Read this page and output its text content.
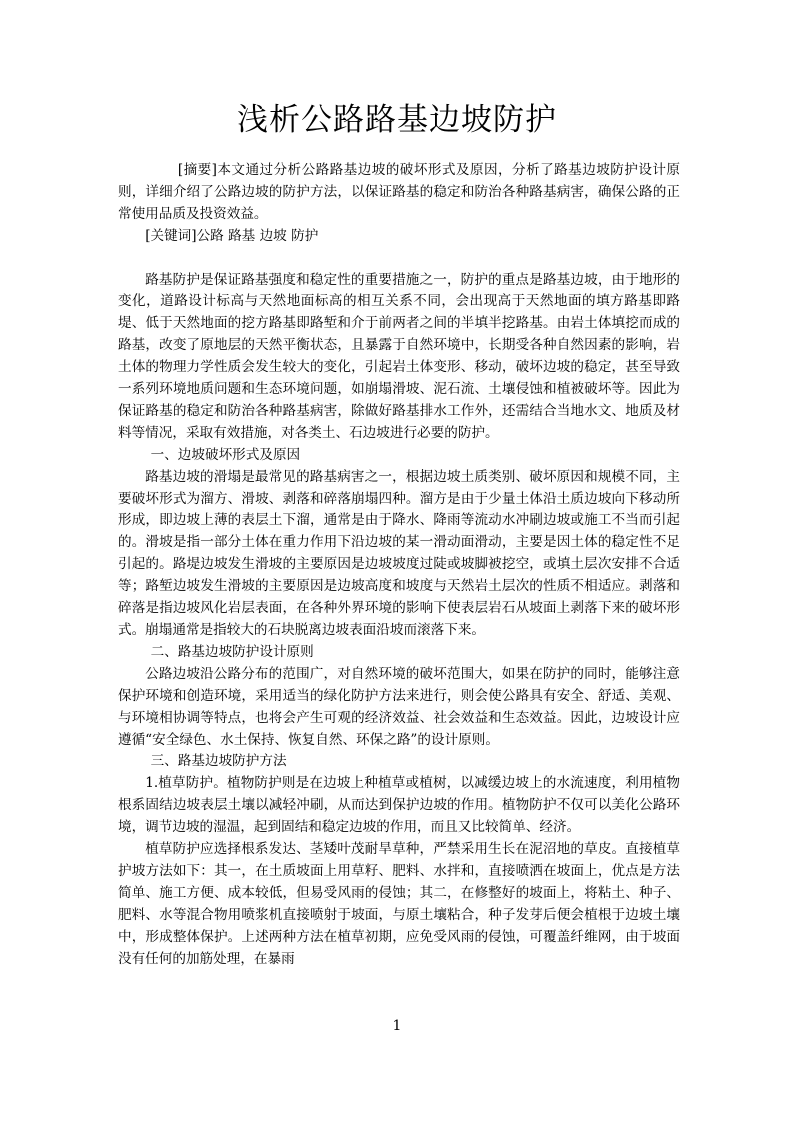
浅析公路路基边坡防护

[摘要]本文通过分析公路路基边坡的破坏形式及原因，分析了路基边坡防护设计原则，详细介绍了公路边坡的防护方法，以保证路基的稳定和防治各种路基病害，确保公路的正常使用品质及投资效益。

[关键词]公路 路基 边坡 防护

路基防护是保证路基强度和稳定性的重要措施之一，防护的重点是路基边坡，由于地形的变化，道路设计标高与天然地面标高的相互关系不同，会出现高于天然地面的填方路基即路堤、低于天然地面的挖方路基即路堑和介于前两者之间的半填半挖路基。由岩土体填挖而成的路基，改变了原地层的天然平衡状态，且暴露于自然环境中，长期受各种自然因素的影响，岩土体的物理力学性质会发生较大的变化，引起岩土体变形、移动，破坏边坡的稳定，甚至导致一系列环境地质问题和生态环境问题，如崩塌滑坡、泥石流、土壤侵蚀和植被破坏等。因此为保证路基的稳定和防治各种路基病害，除做好路基排水工作外，还需结合当地水文、地质及材料等情况，采取有效措施，对各类土、石边坡进行必要的防护。

一、边坡破坏形式及原因

路基边坡的滑塌是最常见的路基病害之一，根据边坡土质类别、破坏原因和规模不同，主要破坏形式为溜方、滑坡、剥落和碎落崩塌四种。溜方是由于少量土体沿土质边坡向下移动所形成，即边坡上薄的表层土下溜，通常是由于降水、降雨等流动水冲刷边坡或施工不当而引起的。滑坡是指一部分土体在重力作用下沿边坡的某一滑动面滑动，主要是因土体的稳定性不足引起的。路堤边坡发生滑坡的主要原因是边坡坡度过陡或坡脚被挖空，或填土层次安排不合适等；路堑边坡发生滑坡的主要原因是边坡高度和坡度与天然岩土层次的性质不相适应。剥落和碎落是指边坡风化岩层表面，在各种外界环境的影响下使表层岩石从坡面上剥落下来的破坏形式。崩塌通常是指较大的石块脱离边坡表面沿坡而滚落下来。

二、路基边坡防护设计原则

公路边坡沿公路分布的范围广，对自然环境的破坏范围大，如果在防护的同时，能够注意保护环境和创造环境，采用适当的绿化防护方法来进行，则会使公路具有安全、舒适、美观、与环境相协调等特点，也将会产生可观的经济效益、社会效益和生态效益。因此，边坡设计应遵循“安全绿色、水土保持、恢复自然、环保之路”的设计原则。

三、路基边坡防护方法

1.植草防护。植物防护则是在边坡上种植草或植树，以减缓边坡上的水流速度，利用植物根系固结边坡表层土壤以减轻冲刷，从而达到保护边坡的作用。植物防护不仅可以美化公路环境，调节边坡的湿温，起到固结和稳定边坡的作用，而且又比较简单、经济。

植草防护应选择根系发达、茎矮叶茂耐旱草种，严禁采用生长在泥沼地的草皮。直接植草护坡方法如下：其一，在土质坡面上用草籽、肥料、水拌和，直接喷洒在坡面上，优点是方法简单、施工方便、成本较低，但易受风雨的侵蚀；其二，在修整好的坡面上，将粘土、种子、肥料、水等混合物用喷浆机直接喷射于坡面，与原土壤粘合，种子发芽后便会植根于边坡土壤中，形成整体保护。上述两种方法在植草初期，应免受风雨的侵蚀，可覆盖纤维网，由于坡面没有任何的加筋处理，在暴雨

1
